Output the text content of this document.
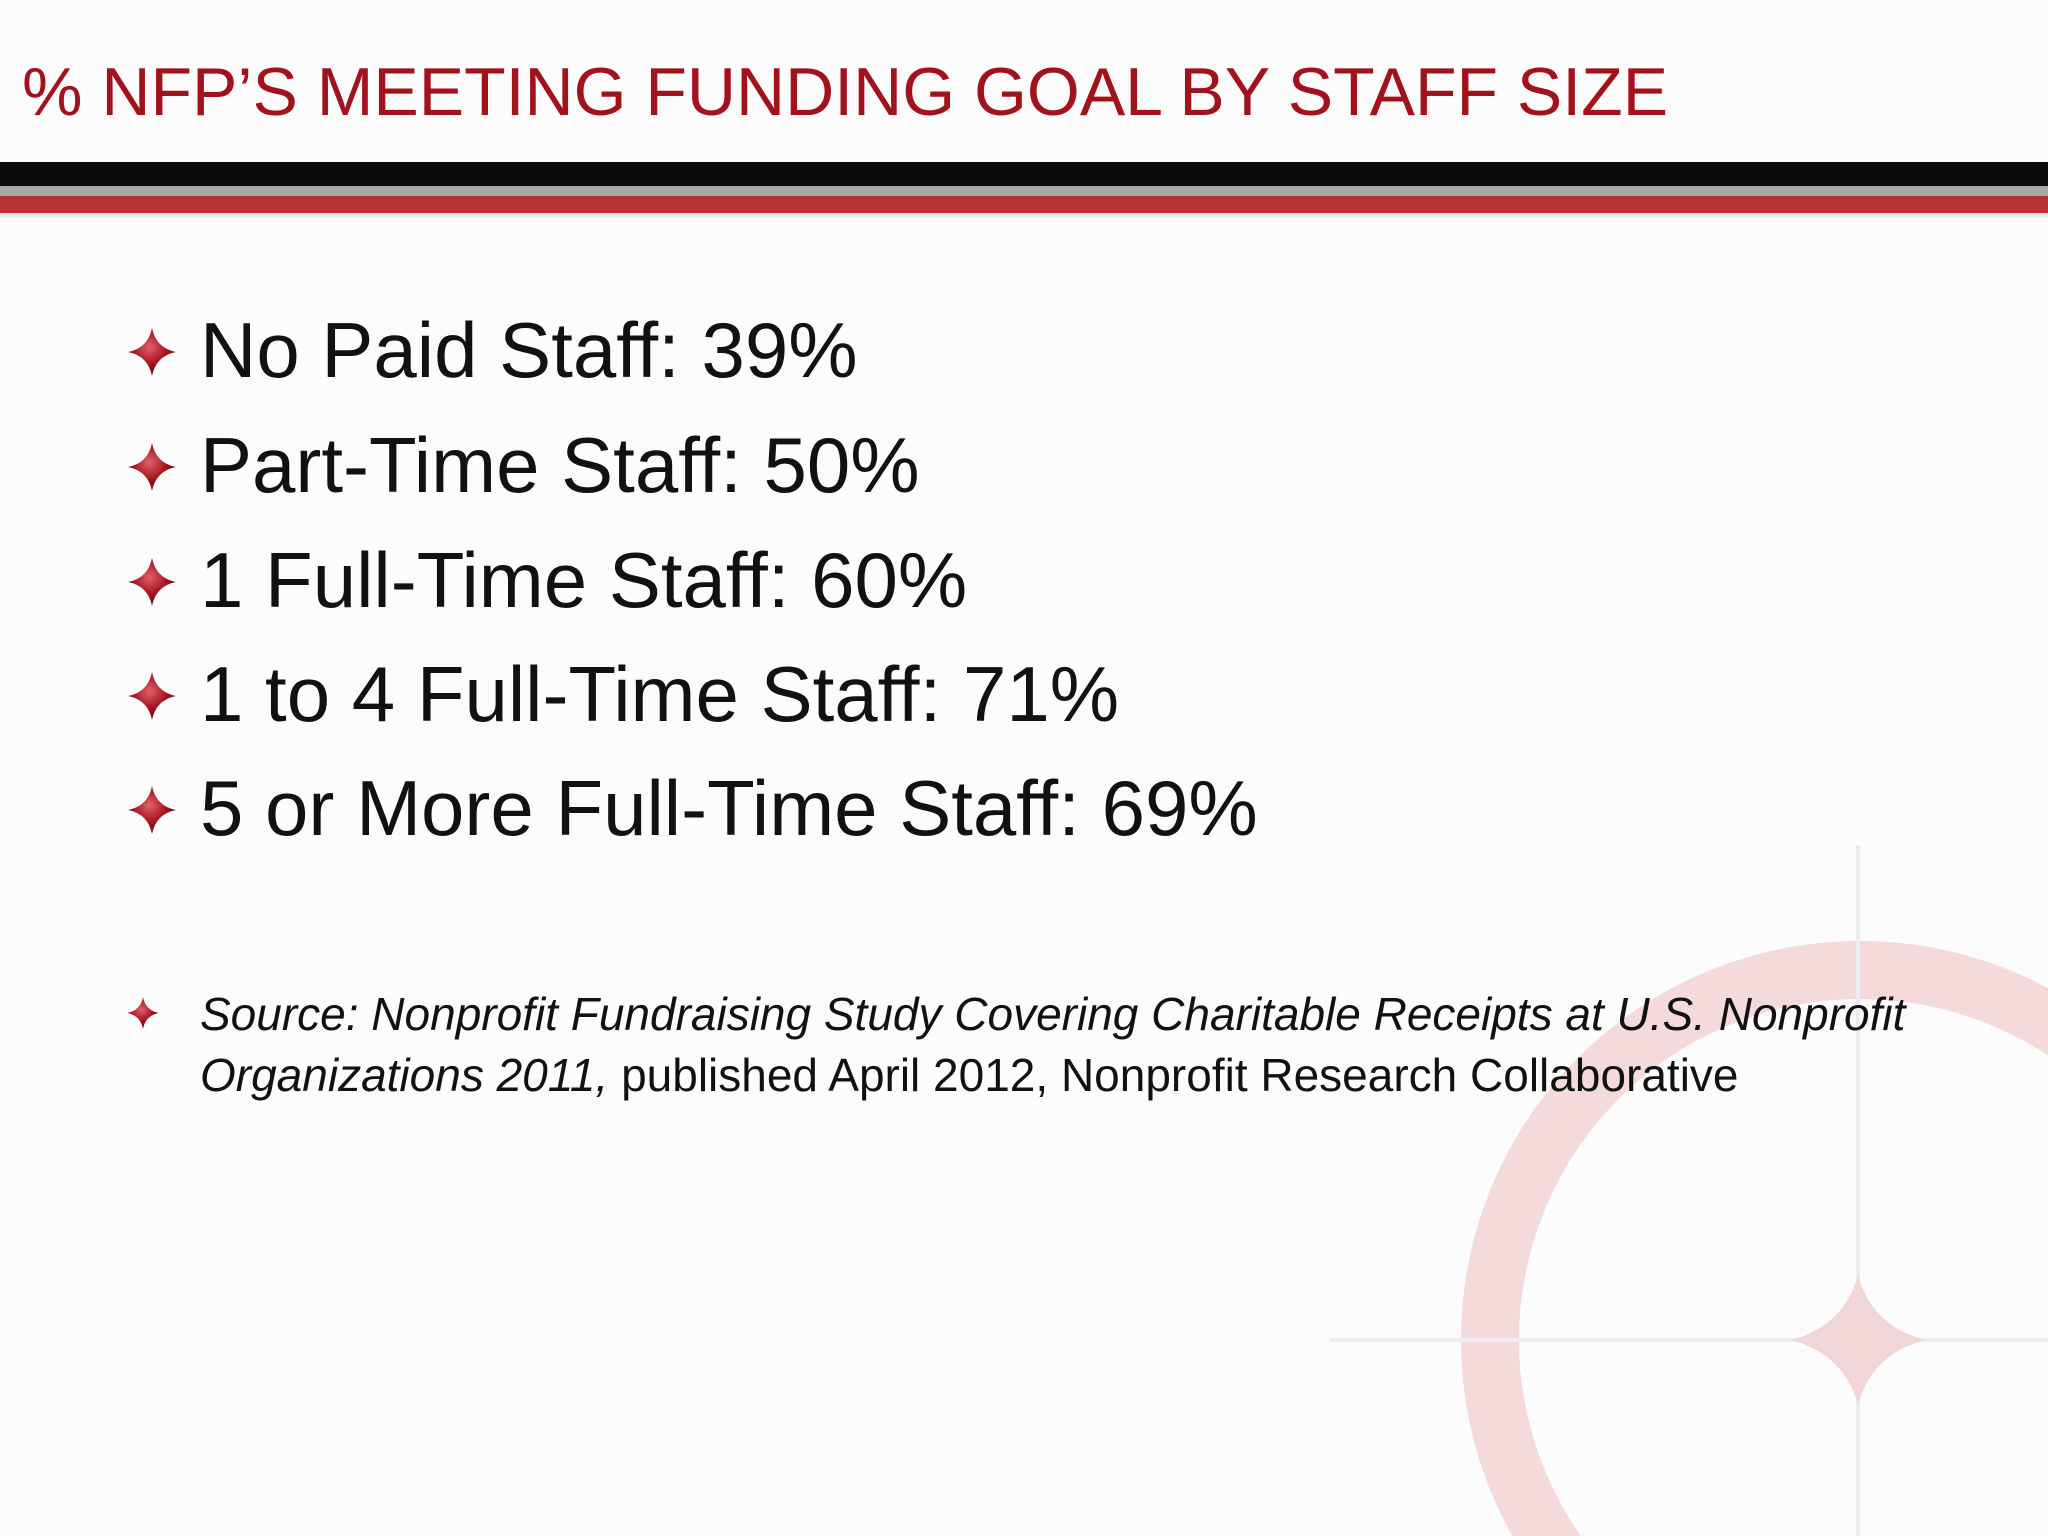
% NFP’S MEETING FUNDING GOAL BY STAFF SIZE
No Paid Staff: 39%
Part-Time Staff: 50%
1 Full-Time Staff: 60%
1 to 4 Full-Time Staff: 71%
5 or More Full-Time Staff: 69%
Source: Nonprofit Fundraising Study Covering Charitable Receipts at U.S. Nonprofit Organizations 2011, published April 2012, Nonprofit Research Collaborative
